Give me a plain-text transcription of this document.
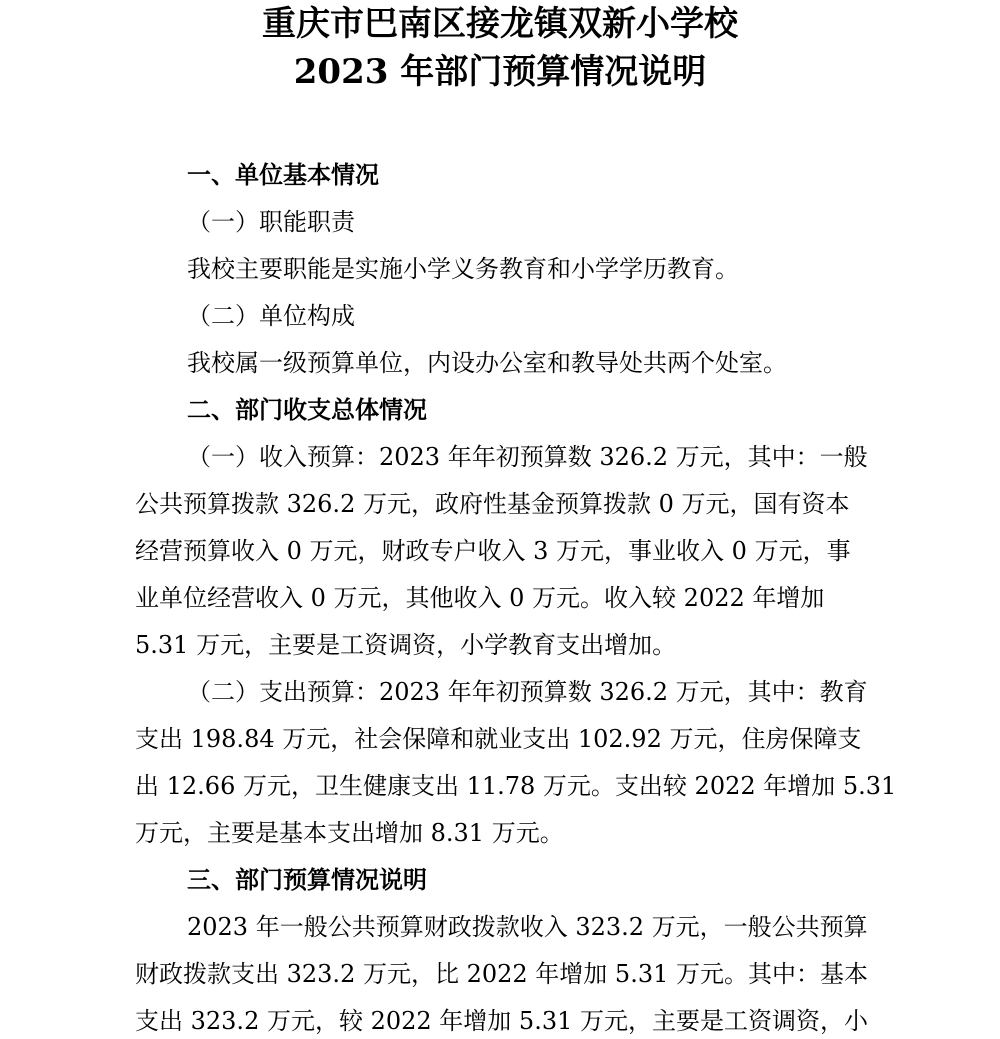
重庆市巴南区接龙镇双新小学校
2023 年部门预算情况说明

一、单位基本情况

（一）职能职责

我校主要职能是实施小学义务教育和小学学历教育。

（二）单位构成

我校属一级预算单位，内设办公室和教导处共两个处室。

二、部门收支总体情况

（一）收入预算：2023 年年初预算数 326.2 万元，其中：一般

公共预算拨款 326.2 万元，政府性基金预算拨款 0 万元，国有资本

经营预算收入 0 万元，财政专户收入 3 万元，事业收入 0 万元，事

业单位经营收入 0 万元，其他收入 0 万元。收入较 2022 年增加

5.31 万元，主要是工资调资，小学教育支出增加。

（二）支出预算：2023 年年初预算数 326.2 万元，其中：教育

支出 198.84 万元，社会保障和就业支出 102.92 万元，住房保障支

出 12.66 万元，卫生健康支出 11.78 万元。支出较 2022 年增加 5.31

万元，主要是基本支出增加 8.31 万元。

三、部门预算情况说明

2023 年一般公共预算财政拨款收入 323.2 万元，一般公共预算

财政拨款支出 323.2 万元，比 2022 年增加 5.31 万元。其中：基本

支出 323.2 万元，较 2022 年增加 5.31 万元，主要是工资调资，小
